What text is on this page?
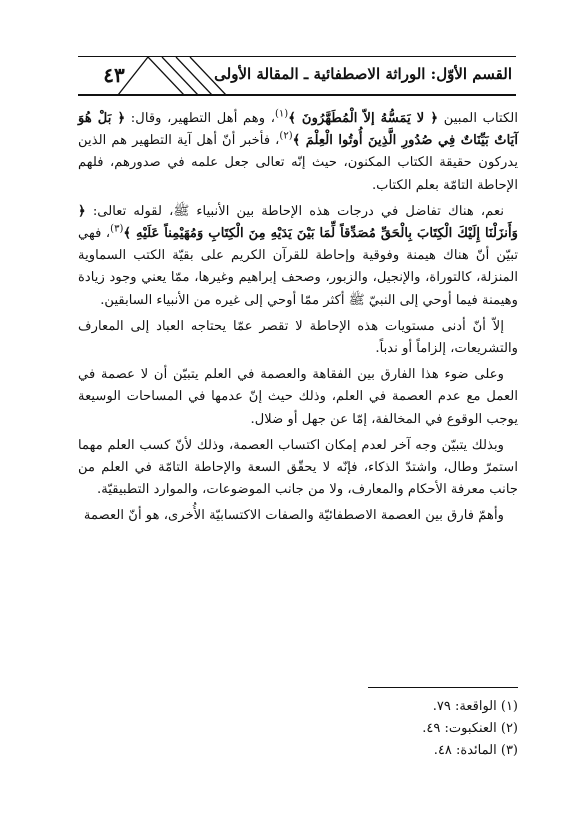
٤٣	القسم الأوّل: الوراثة الاصطفائية ـ المقالة الأولى

الكتاب المبين ﴿ لا يَمَسُّهُ إلاّ الْمُطَهَّرُونَ ﴾$^{(١)}$، وهم أهل التطهير، وقال: ﴿ بَلْ هُوَ آيَاتٌ بَيِّنَاتٌ فِي صُدُورِ الَّذِينَ أُوتُوا الْعِلْمَ ﴾$^{(٢)}$، فأخبر أنّ أهل آية التطهير هم الذين يدركون حقيقة الكتاب المكنون، حيث إنّه تعالى جعل علمه في صدورهم، فلهم الإحاطة التامّة بعلم الكتاب.

نعم، هناك تفاضل في درجات هذه الإحاطة بين الأنبياء ﷺ، لقوله تعالى: ﴿ وَأَنزَلْنَا إِلَيْكَ الْكِتَابَ بِالْحَقِّ مُصَدِّقاً لِّمَا بَيْنَ يَدَيْهِ مِنَ الْكِتَابِ وَمُهَيْمِناً عَلَيْهِ ﴾$^{(٣)}$، فهي تبيّن أنّ هناك هيمنة وفوقية وإحاطة للقرآن الكريم على بقيّة الكتب السماوية المنزلة، كالتوراة، والإنجيل، والزبور، وصحف إبراهيم وغيرها، ممّا يعني وجود زيادة وهيمنة فيما أوحي إلى النبيّ ﷺ أكثر ممّا أوحي إلى غيره من الأنبياء السابقين.

إلاّ أنّ أدنى مستويات هذه الإحاطة لا تقصر عمّا يحتاجه العباد إلى المعارف والتشريعات، إلزاماً أو ندباً.

وعلى ضوء هذا الفارق بين الفقاهة والعصمة في العلم يتبيّن أن لا عصمة في العمل مع عدم العصمة في العلم، وذلك حيث إنّ عدمها في المساحات الوسيعة يوجب الوقوع في المخالفة، إمّا عن جهل أو ضلال.

وبذلك يتبيّن وجه آخر لعدم إمكان اكتساب العصمة، وذلك لأنّ كسب العلم مهما استمرّ وطال، واشتدّ الذكاء، فإنّه لا يحقّق السعة والإحاطة التامّة في العلم من جانب معرفة الأحكام والمعارف، ولا من جانب الموضوعات، والموارد التطبيقيّة.

وأهمّ فارق بين العصمة الاصطفائيّة والصفات الاكتسابيّة الأُخرى، هو أنّ العصمة

(١) الواقعة: ٧٩.
(٢) العنكبوت: ٤٩.
(٣) المائدة: ٤٨.
